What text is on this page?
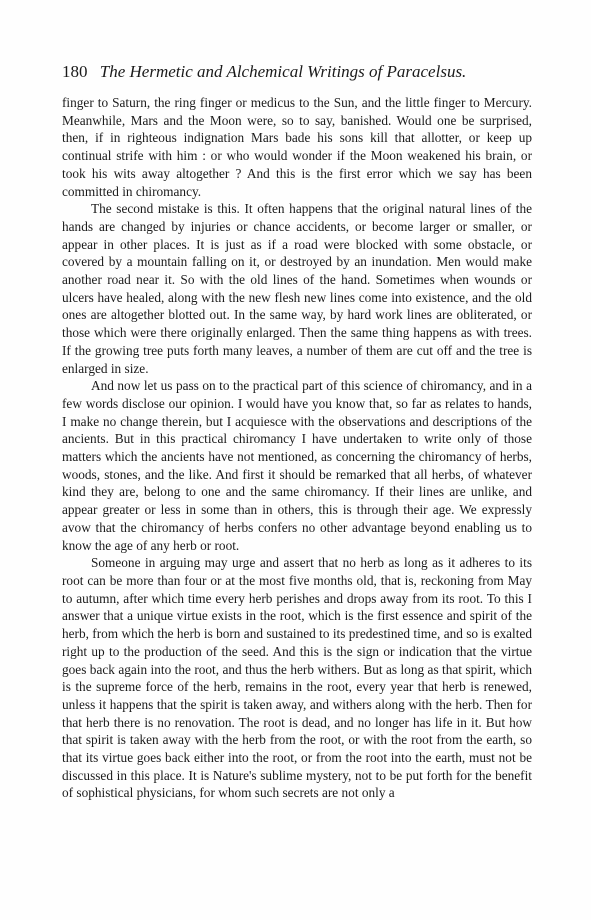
180 The Hermetic and Alchemical Writings of Paracelsus.

finger to Saturn, the ring finger or medicus to the Sun, and the little finger to Mercury. Meanwhile, Mars and the Moon were, so to say, banished. Would one be surprised, then, if in righteous indignation Mars bade his sons kill that allotter, or keep up continual strife with him : or who would wonder if the Moon weakened his brain, or took his wits away altogether ? And this is the first error which we say has been committed in chiromancy.

The second mistake is this. It often happens that the original natural lines of the hands are changed by injuries or chance accidents, or become larger or smaller, or appear in other places. It is just as if a road were blocked with some obstacle, or covered by a mountain falling on it, or destroyed by an inundation. Men would make another road near it. So with the old lines of the hand. Sometimes when wounds or ulcers have healed, along with the new flesh new lines come into existence, and the old ones are altogether blotted out. In the same way, by hard work lines are obliterated, or those which were there originally enlarged. Then the same thing happens as with trees. If the growing tree puts forth many leaves, a number of them are cut off and the tree is enlarged in size.

And now let us pass on to the practical part of this science of chiromancy, and in a few words disclose our opinion. I would have you know that, so far as relates to hands, I make no change therein, but I acquiesce with the observations and descriptions of the ancients. But in this practical chiromancy I have undertaken to write only of those matters which the ancients have not mentioned, as concerning the chiromancy of herbs, woods, stones, and the like. And first it should be remarked that all herbs, of whatever kind they are, belong to one and the same chiromancy. If their lines are unlike, and appear greater or less in some than in others, this is through their age. We expressly avow that the chiromancy of herbs confers no other advantage beyond enabling us to know the age of any herb or root.

Someone in arguing may urge and assert that no herb as long as it adheres to its root can be more than four or at the most five months old, that is, reckoning from May to autumn, after which time every herb perishes and drops away from its root. To this I answer that a unique virtue exists in the root, which is the first essence and spirit of the herb, from which the herb is born and sustained to its predestined time, and so is exalted right up to the production of the seed. And this is the sign or indication that the virtue goes back again into the root, and thus the herb withers. But as long as that spirit, which is the supreme force of the herb, remains in the root, every year that herb is renewed, unless it happens that the spirit is taken away, and withers along with the herb. Then for that herb there is no renovation. The root is dead, and no longer has life in it. But how that spirit is taken away with the herb from the root, or with the root from the earth, so that its virtue goes back either into the root, or from the root into the earth, must not be discussed in this place. It is Nature's sublime mystery, not to be put forth for the benefit of sophistical physicians, for whom such secrets are not only a
